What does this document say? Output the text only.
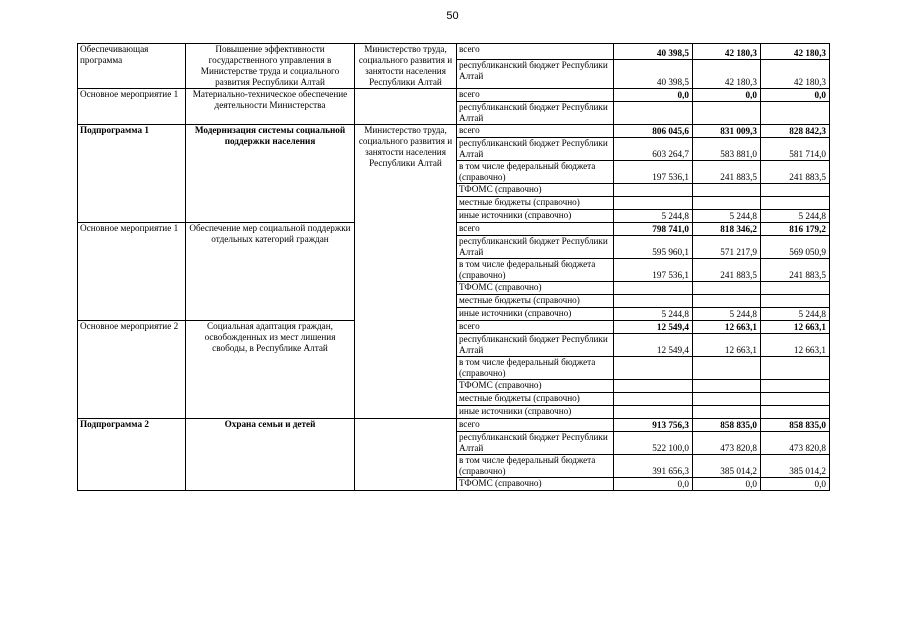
50
Обеспечивающая программа	Повышение эффективности государственного управления в Министерстве труда и социального развития Республики Алтай	Министерство труда, социального развития и занятости населения Республики Алтай	всего	40 398,5	42 180,3	42 180,3
			республиканский бюджет Республики Алтай	40 398,5	42 180,3	42 180,3
Основное мероприятие 1	Материально-техническое обеспечение деятельности Министерства		всего	0,0	0,0	0,0
			республиканский бюджет Республики Алтай			
Подпрограмма 1	Модернизация системы социальной поддержки населения	Министерство труда, социального развития и занятости населения Республики Алтай	всего	806 045,6	831 009,3	828 842,3
			республиканский бюджет Республики Алтай	603 264,7	583 881,0	581 714,0
			в том числе федеральный бюджета (справочно)	197 536,1	241 883,5	241 883,5
			ТФОМС (справочно)			
			местные бюджеты (справочно)			
			иные источники (справочно)	5 244,8	5 244,8	5 244,8
Основное мероприятие 1	Обеспечение мер социальной поддержки отдельных категорий граждан		всего	798 741,0	818 346,2	816 179,2
			республиканский бюджет Республики Алтай	595 960,1	571 217,9	569 050,9
			в том числе федеральный бюджета (справочно)	197 536,1	241 883,5	241 883,5
			ТФОМС (справочно)			
			местные бюджеты (справочно)			
			иные источники (справочно)	5 244,8	5 244,8	5 244,8
Основное мероприятие 2	Социальная адаптация граждан, освобожденных из мест лишения свободы, в Республике Алтай		всего	12 549,4	12 663,1	12 663,1
			республиканский бюджет Республики Алтай	12 549,4	12 663,1	12 663,1
			в том числе федеральный бюджета (справочно)			
			ТФОМС (справочно)			
			местные бюджеты (справочно)			
			иные источники (справочно)			
Подпрограмма 2	Охрана семьи и детей		всего	913 756,3	858 835,0	858 835,0
			республиканский бюджет Республики Алтай	522 100,0	473 820,8	473 820,8
			в том числе федеральный бюджета (справочно)	391 656,3	385 014,2	385 014,2
			ТФОМС (справочно)	0,0	0,0	0,0
